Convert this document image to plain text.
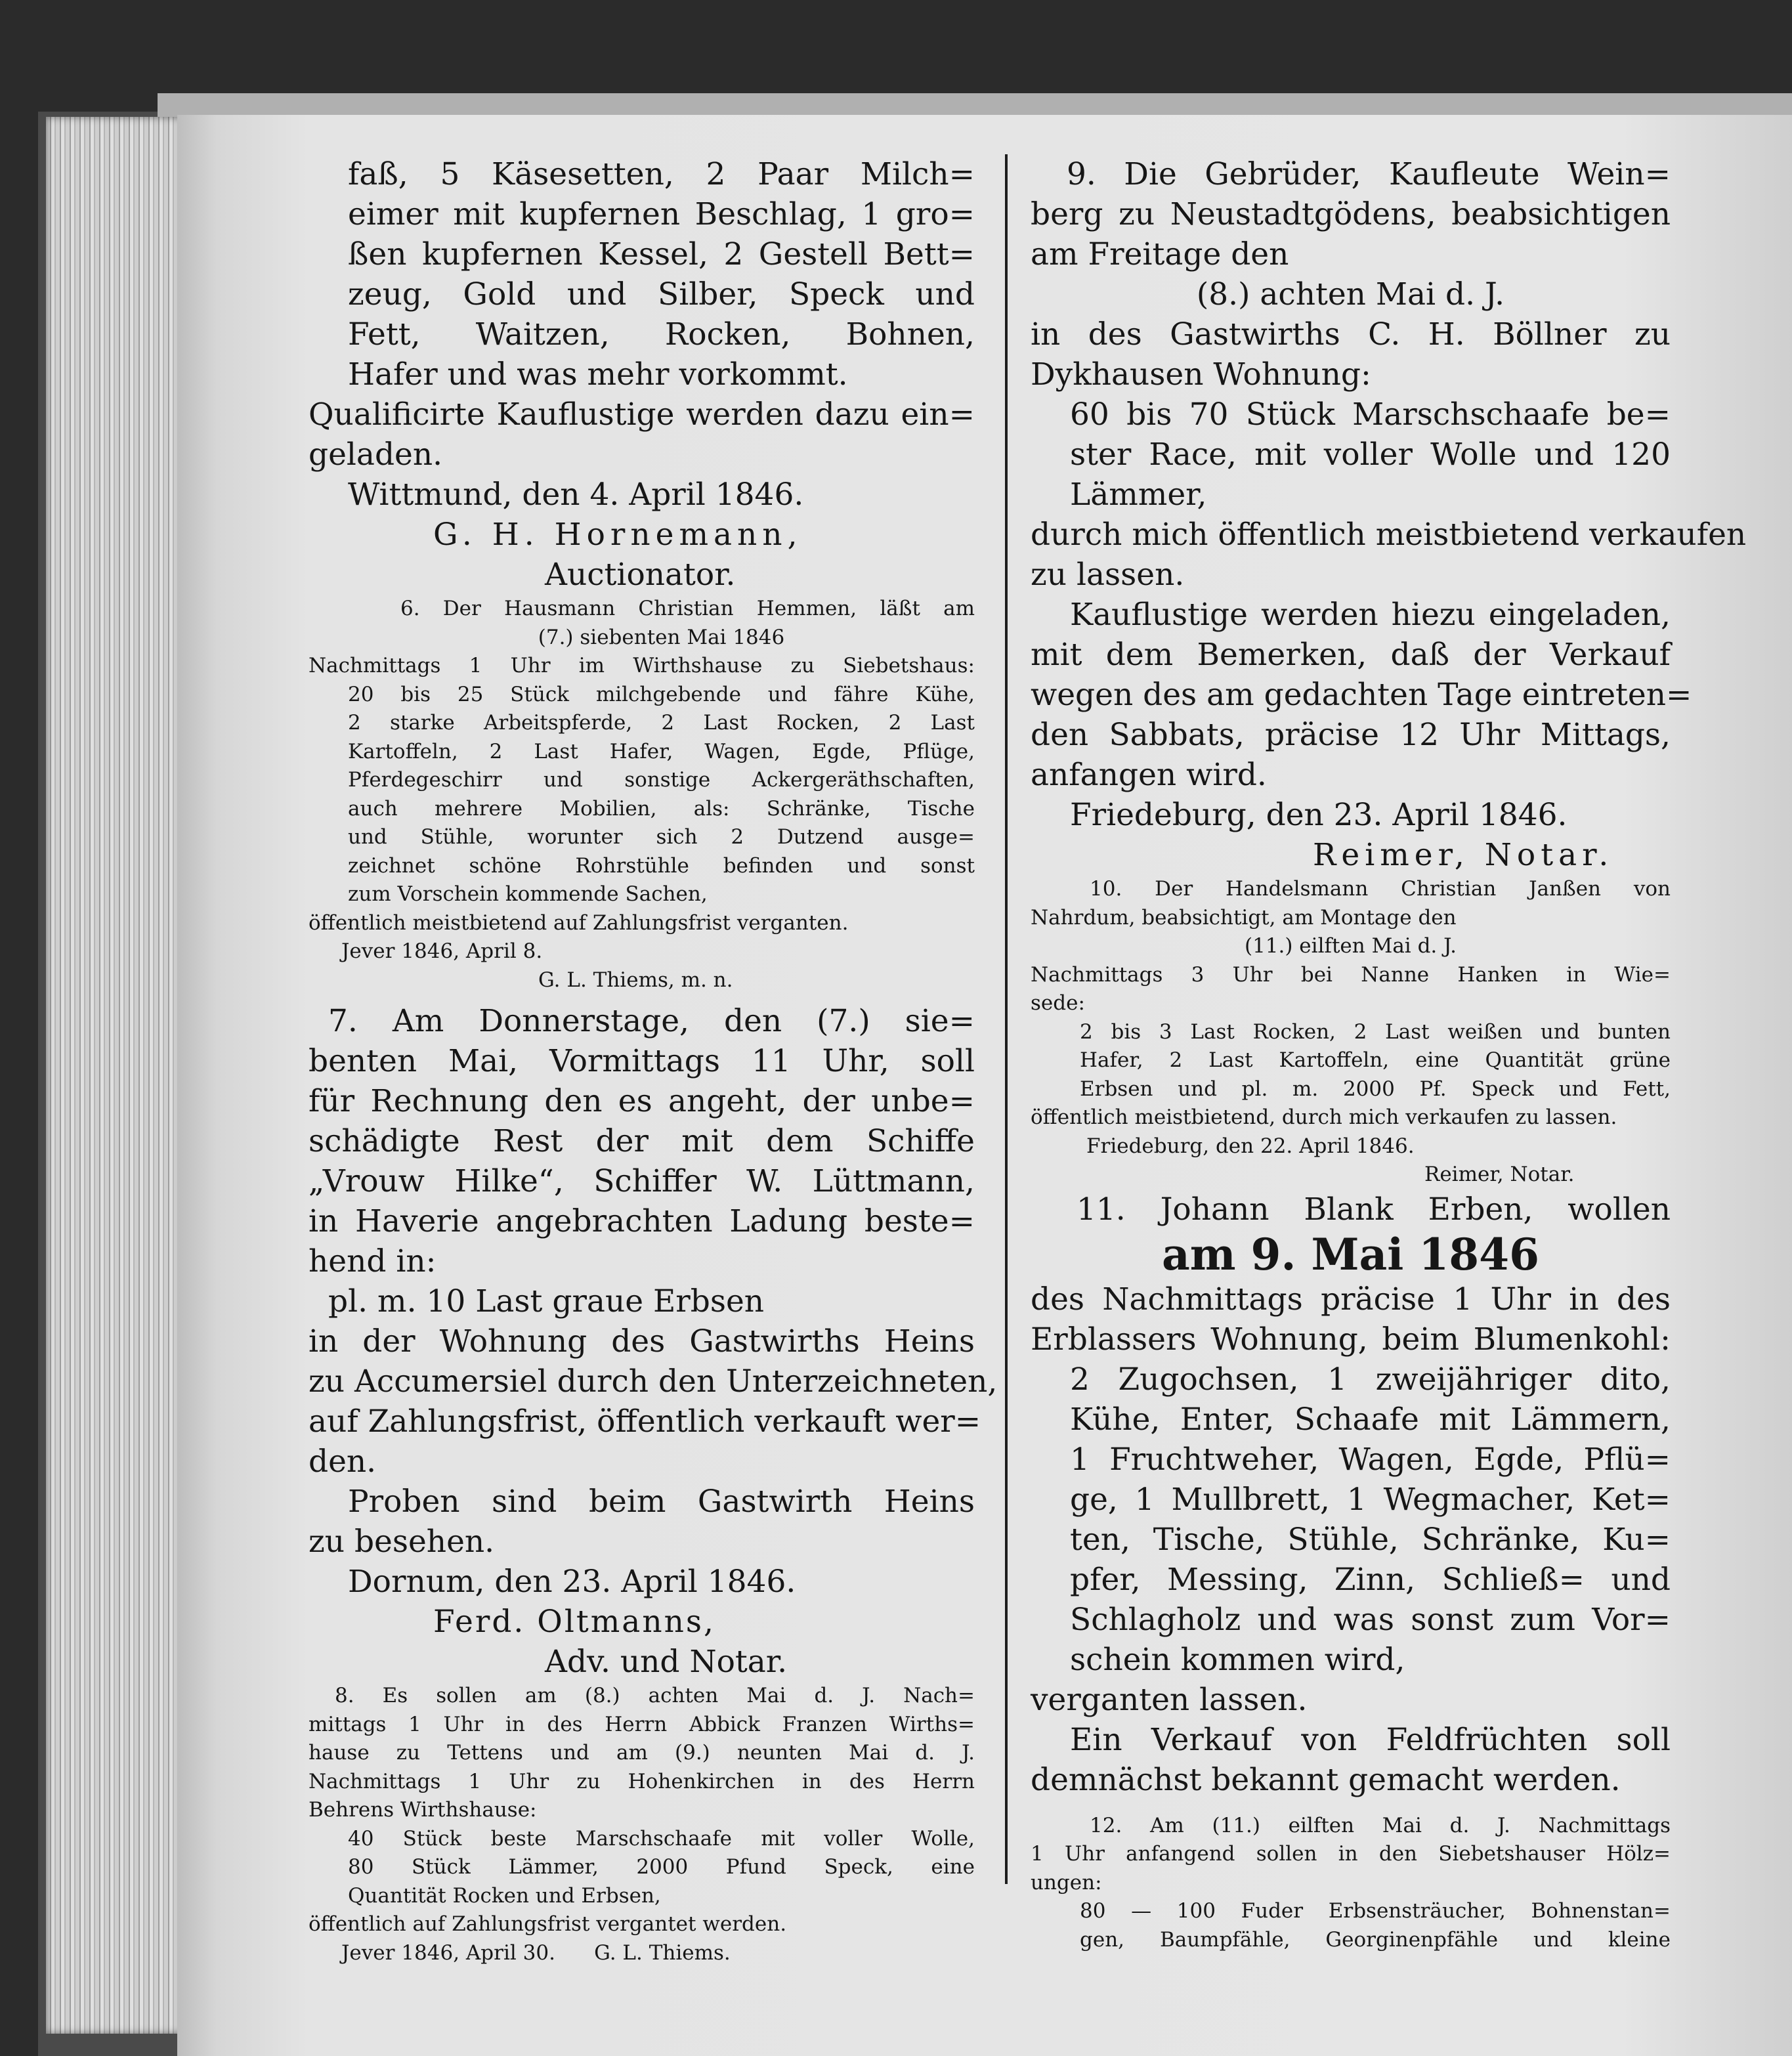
faß, 5 Käsesetten, 2 Paar Milch=
eimer mit kupfernen Beschlag, 1 gro=
ßen kupfernen Kessel, 2 Gestell Bett=
zeug, Gold und Silber, Speck und
Fett, Waitzen, Rocken, Bohnen,
Hafer und was mehr vorkommt.
Qualificirte Kauflustige werden dazu ein=
geladen.
Wittmund, den 4. April 1846.
G. H. Hornemann,
Auctionator.
6. Der Hausmann Christian Hemmen, läßt am
(7.) siebenten Mai 1846
Nachmittags 1 Uhr im Wirthshause zu Siebetshaus:
20 bis 25 Stück milchgebende und fähre Kühe,
2 starke Arbeitspferde, 2 Last Rocken, 2 Last
Kartoffeln, 2 Last Hafer, Wagen, Egde, Pflüge,
Pferdegeschirr und sonstige Ackergeräthschaften,
auch mehrere Mobilien, als: Schränke, Tische
und Stühle, worunter sich 2 Dutzend ausge=
zeichnet schöne Rohrstühle befinden und sonst
zum Vorschein kommende Sachen,
öffentlich meistbietend auf Zahlungsfrist verganten.
Jever 1846, April 8.
G. L. Thiems, m. n.
7. Am Donnerstage, den (7.) sie=
benten Mai, Vormittags 11 Uhr, soll
für Rechnung den es angeht, der unbe=
schädigte Rest der mit dem Schiffe
„Vrouw Hilke“, Schiffer W. Lüttmann,
in Haverie angebrachten Ladung beste=
hend in:
pl. m. 10 Last graue Erbsen
in der Wohnung des Gastwirths Heins
zu Accumersiel durch den Unterzeichneten,
auf Zahlungsfrist, öffentlich verkauft wer=
den.
Proben sind beim Gastwirth Heins
zu besehen.
Dornum, den 23. April 1846.
Ferd. Oltmanns,
Adv. und Notar.
8. Es sollen am (8.) achten Mai d. J. Nach=
mittags 1 Uhr in des Herrn Abbick Franzen Wirths=
hause zu Tettens und am (9.) neunten Mai d. J.
Nachmittags 1 Uhr zu Hohenkirchen in des Herrn
Behrens Wirthshause:
40 Stück beste Marschschaafe mit voller Wolle,
80 Stück Lämmer, 2000 Pfund Speck, eine
Quantität Rocken und Erbsen,
öffentlich auf Zahlungsfrist vergantet werden.
Jever 1846, April 30.      G. L. Thiems.
9. Die Gebrüder, Kaufleute Wein=
berg zu Neustadtgödens, beabsichtigen
am Freitage den
(8.) achten Mai d. J.
in des Gastwirths C. H. Böllner zu
Dykhausen Wohnung:
60 bis 70 Stück Marschschaafe be=
ster Race, mit voller Wolle und 120
Lämmer,
durch mich öffentlich meistbietend verkaufen
zu lassen.
Kauflustige werden hiezu eingeladen,
mit dem Bemerken, daß der Verkauf
wegen des am gedachten Tage eintreten=
den Sabbats, präcise 12 Uhr Mittags,
anfangen wird.
Friedeburg, den 23. April 1846.
Reimer, Notar.
10. Der Handelsmann Christian Janßen von
Nahrdum, beabsichtigt, am Montage den
(11.) eilften Mai d. J.
Nachmittags 3 Uhr bei Nanne Hanken in Wie=
sede:
2 bis 3 Last Rocken, 2 Last weißen und bunten
Hafer, 2 Last Kartoffeln, eine Quantität grüne
Erbsen und pl. m. 2000 Pf. Speck und Fett,
öffentlich meistbietend, durch mich verkaufen zu lassen.
Friedeburg, den 22. April 1846.
Reimer, Notar.
11. Johann Blank Erben, wollen
am 9. Mai 1846
des Nachmittags präcise 1 Uhr in des
Erblassers Wohnung, beim Blumenkohl:
2 Zugochsen, 1 zweijähriger dito,
Kühe, Enter, Schaafe mit Lämmern,
1 Fruchtweher, Wagen, Egde, Pflü=
ge, 1 Mullbrett, 1 Wegmacher, Ket=
ten, Tische, Stühle, Schränke, Ku=
pfer, Messing, Zinn, Schließ= und
Schlagholz und was sonst zum Vor=
schein kommen wird,
verganten lassen.
Ein Verkauf von Feldfrüchten soll
demnächst bekannt gemacht werden.
12. Am (11.) eilften Mai d. J. Nachmittags
1 Uhr anfangend sollen in den Siebetshauser Hölz=
ungen:
80 — 100 Fuder Erbsensträucher, Bohnenstan=
gen, Baumpfähle, Georginenpfähle und kleine
